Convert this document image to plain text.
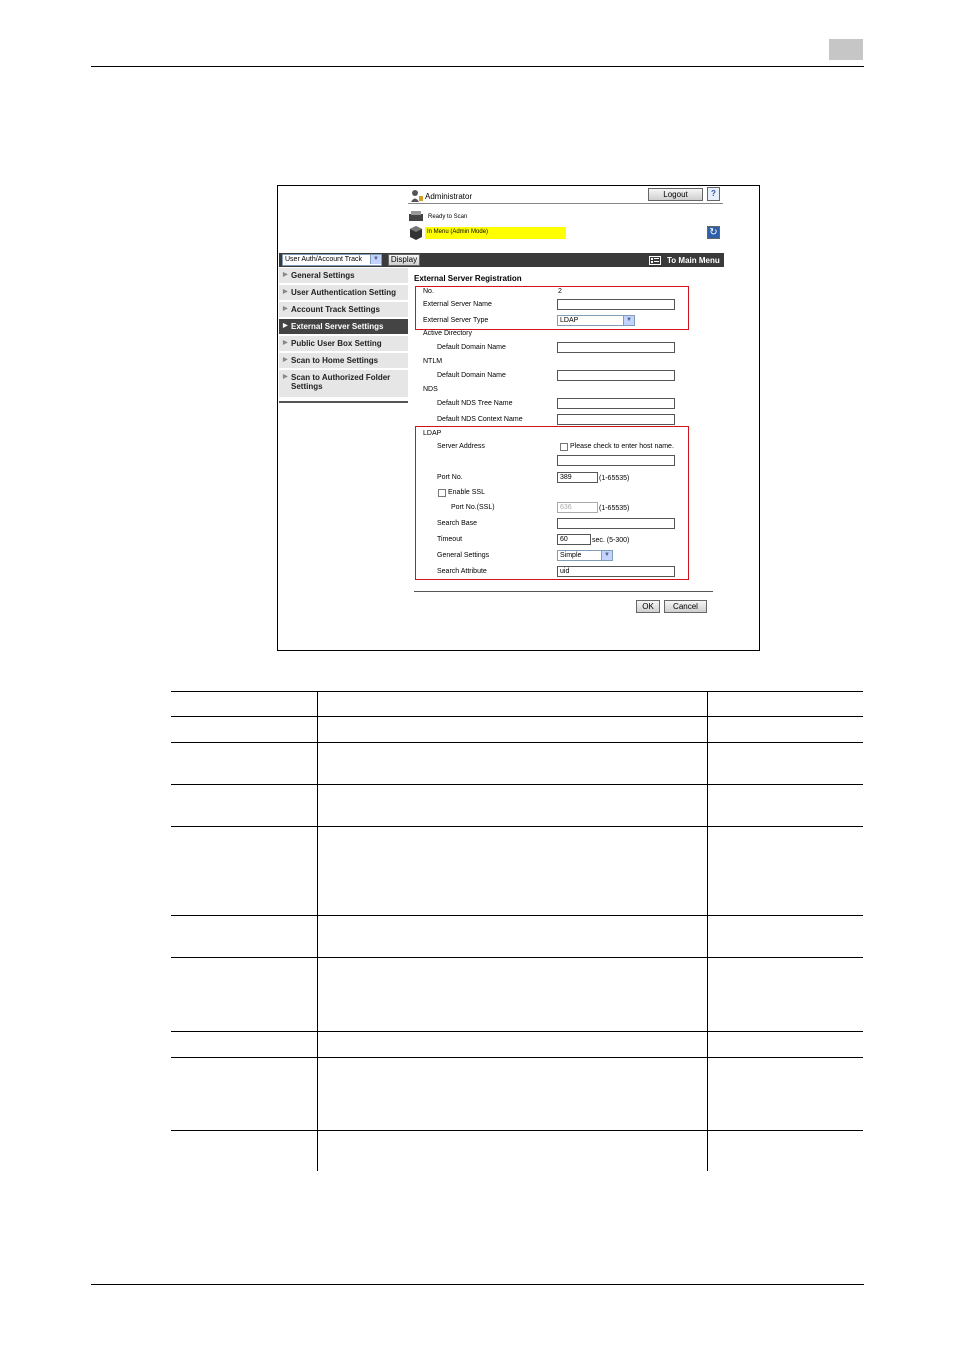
Administrator	Logout	?
Ready to Scan
In Menu (Admin Mode)	↻
User Auth/Account Track	▼	Display	To Main Menu
▶ General Settings
▶ User Authentication Setting
▶ Account Track Settings
▶ External Server Settings
▶ Public User Box Setting
▶ Scan to Home Settings
▶ Scan to Authorized Folder Settings
External Server Registration
No.	2
External Server Name
External Server Type	LDAP	▼
Active Directory
Default Domain Name
NTLM
Default Domain Name
NDS
Default NDS Tree Name
Default NDS Context Name
LDAP
Server Address	Please check to enter host name.
Port No.	389	(1-65535)
Enable SSL
Port No.(SSL)	636	(1-65535)
Search Base
Timeout	60	sec. (5-300)
General Settings	Simple	▼
Search Attribute	uid
OK	Cancel
